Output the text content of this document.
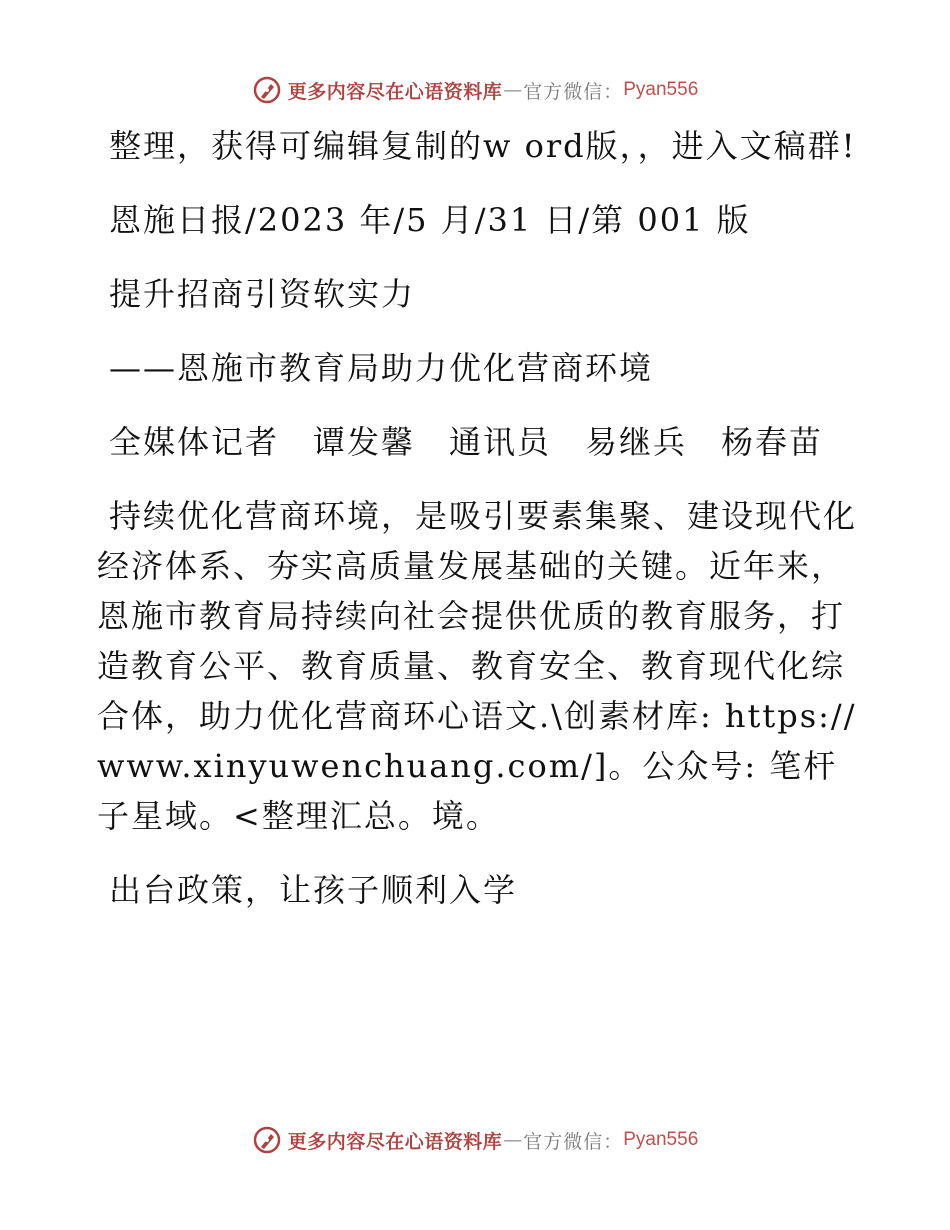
更多内容尽在心语资料库 — 官方微信： Pyan556

整理，获得可编辑复制的w ord版，，进入文稿群!

恩施日报/2023 年/5 月/31 日/第 001 版

提升招商引资软实力

——恩施市教育局助力优化营商环境

全媒体记者　谭发馨　通讯员　易继兵　杨春苗

持续优化营商环境，是吸引要素集聚、建设现代化经济体系、夯实高质量发展基础的关键。近年来，恩施市教育局持续向社会提供优质的教育服务，打造教育公平、教育质量、教育安全、教育现代化综合体，助力优化营商环心语文.\创素材库: https://www.xinyuwenchuang.com/]。公众号: 笔杆子星域。<整理汇总。境。

出台政策，让孩子顺利入学

更多内容尽在心语资料库 — 官方微信： Pyan556
